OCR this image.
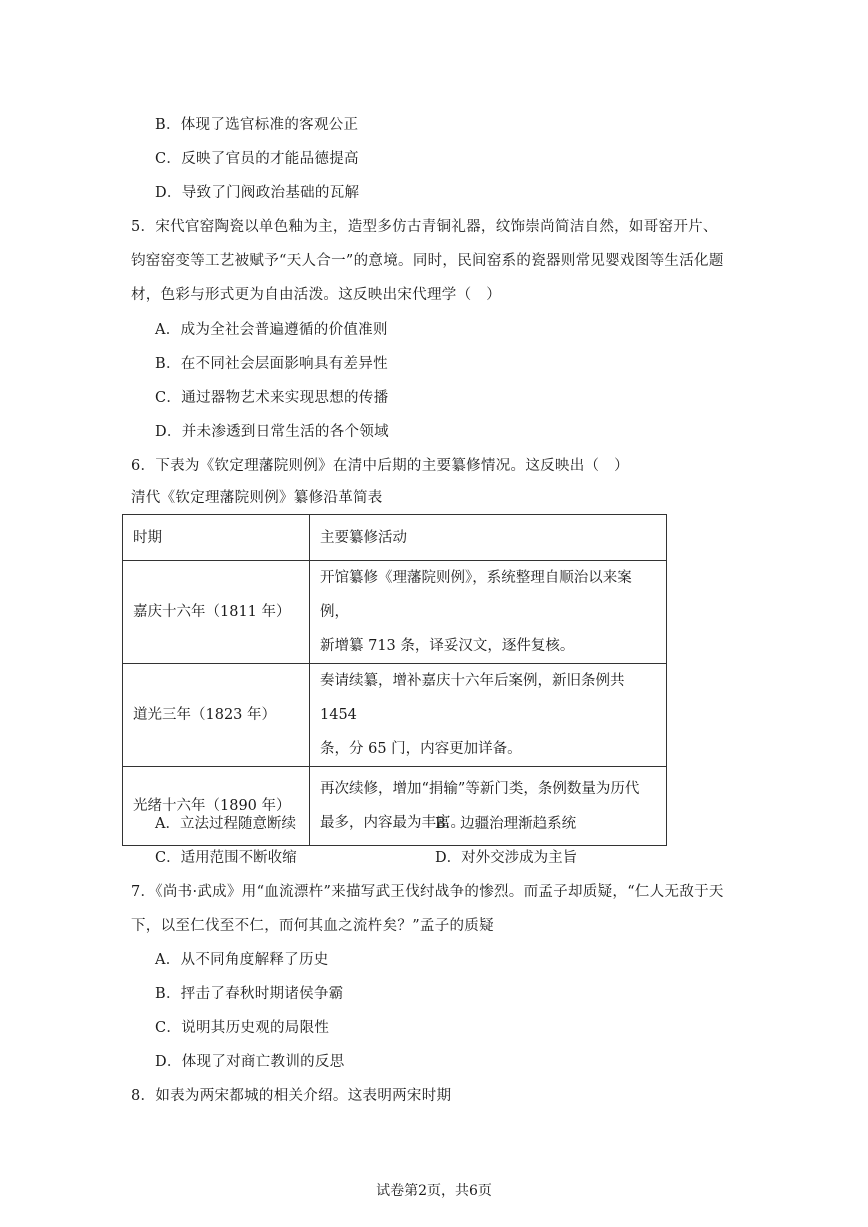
B．体现了选官标准的客观公正
C．反映了官员的才能品德提高
D．导致了门阀政治基础的瓦解
5．宋代官窑陶瓷以单色釉为主，造型多仿古青铜礼器，纹饰崇尚简洁自然，如哥窑开片、
钧窑窑变等工艺被赋予“天人合一”的意境。同时，民间窑系的瓷器则常见婴戏图等生活化题
材，色彩与形式更为自由活泼。这反映出宋代理学（　）
A．成为全社会普遍遵循的价值准则
B．在不同社会层面影响具有差异性
C．通过器物艺术来实现思想的传播
D．并未渗透到日常生活的各个领域
6．下表为《钦定理藩院则例》在清中后期的主要纂修情况。这反映出（　）
清代《钦定理藩院则例》纂修沿革简表
时期	主要纂修活动
嘉庆十六年（1811 年）	开馆纂修《理藩院则例》，系统整理自顺治以来案例，
新增纂 713 条，译妥汉文，逐件复核。

道光三年（1823 年）	奏请续纂，增补嘉庆十六年后案例，新旧条例共 1454
条，分 65 门，内容更加详备。

光绪十六年（1890 年）	再次续修，增加“捐输”等新门类，条例数量为历代
最多，内容最为丰富。
A．立法过程随意断续	B．边疆治理渐趋系统
C．适用范围不断收缩	D．对外交涉成为主旨
7．《尚书·武成》用“血流漂杵”来描写武王伐纣战争的惨烈。而孟子却质疑，“仁人无敌于天
下，以至仁伐至不仁，而何其血之流杵矣？”孟子的质疑
A．从不同角度解释了历史
B．抨击了春秋时期诸侯争霸
C．说明其历史观的局限性
D．体现了对商亡教训的反思
8．如表为两宋都城的相关介绍。这表明两宋时期
试卷第2页，共6页
